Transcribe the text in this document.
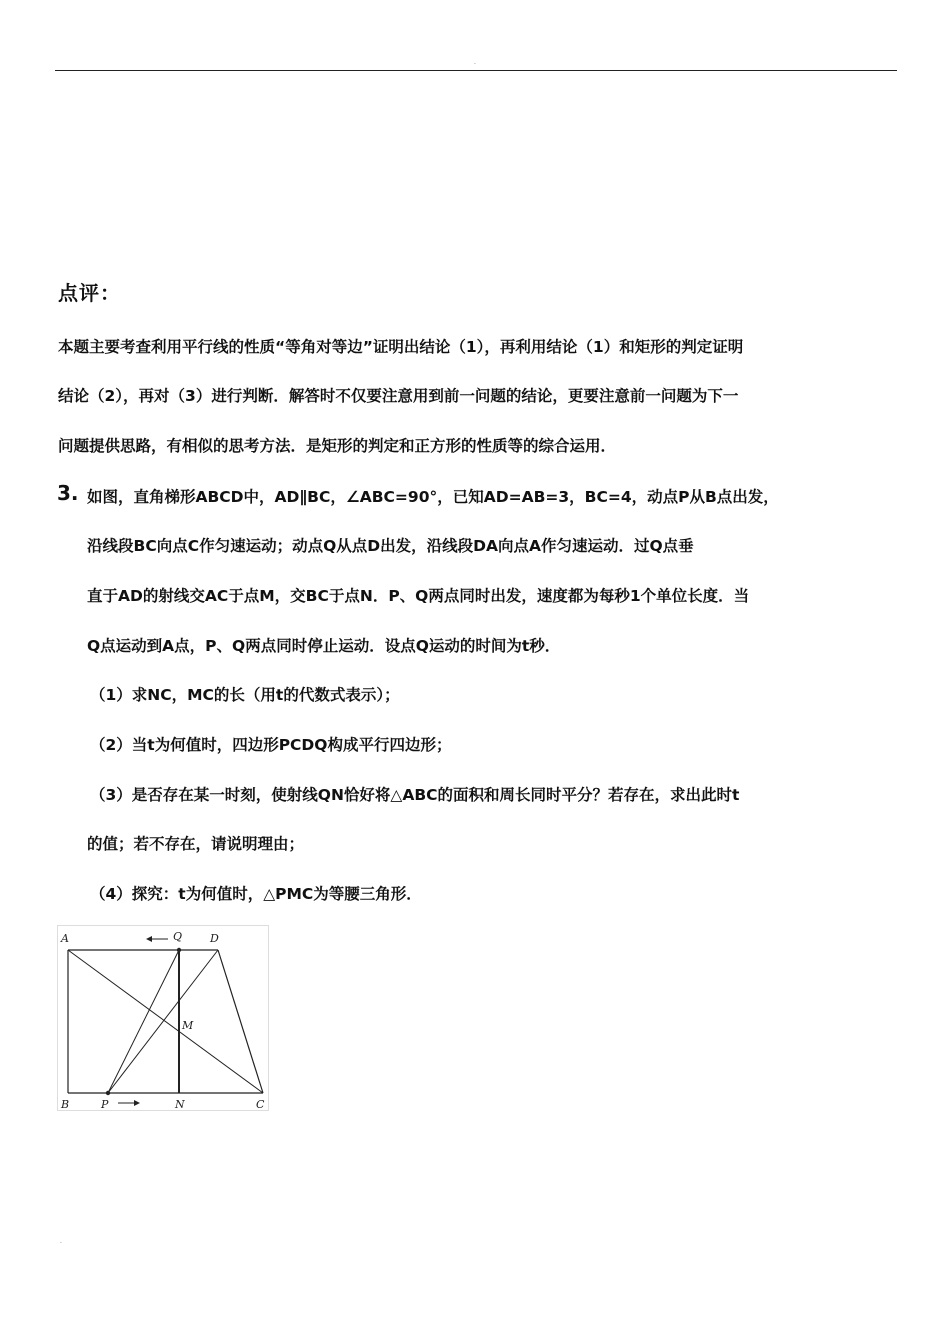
·
点评：
本题主要考查利用平行线的性质“等角对等边”证明出结论（1），再利用结论（1）和矩形的判定证明
结论（2），再对（3）进行判断．解答时不仅要注意用到前一问题的结论，更要注意前一问题为下一
问题提供思路，有相似的思考方法．是矩形的判定和正方形的性质等的综合运用．
3. 如图，直角梯形ABCD中，AD∥BC，∠ABC=90°，已知AD=AB=3，BC=4，动点P从B点出发，
沿线段BC向点C作匀速运动；动点Q从点D出发，沿线段DA向点A作匀速运动．过Q点垂
直于AD的射线交AC于点M，交BC于点N．P、Q两点同时出发，速度都为每秒1个单位长度．当
Q点运动到A点，P、Q两点同时停止运动．设点Q运动的时间为t秒．
（1）求NC，MC的长（用t的代数式表示）；
（2）当t为何值时，四边形PCDQ构成平行四边形；
（3）是否存在某一时刻，使射线QN恰好将△ABC的面积和周长同时平分？若存在，求出此时t
的值；若不存在，请说明理由；
（4）探究：t为何值时，△PMC为等腰三角形．
A	Q	D
M
B	P	N	C
·
